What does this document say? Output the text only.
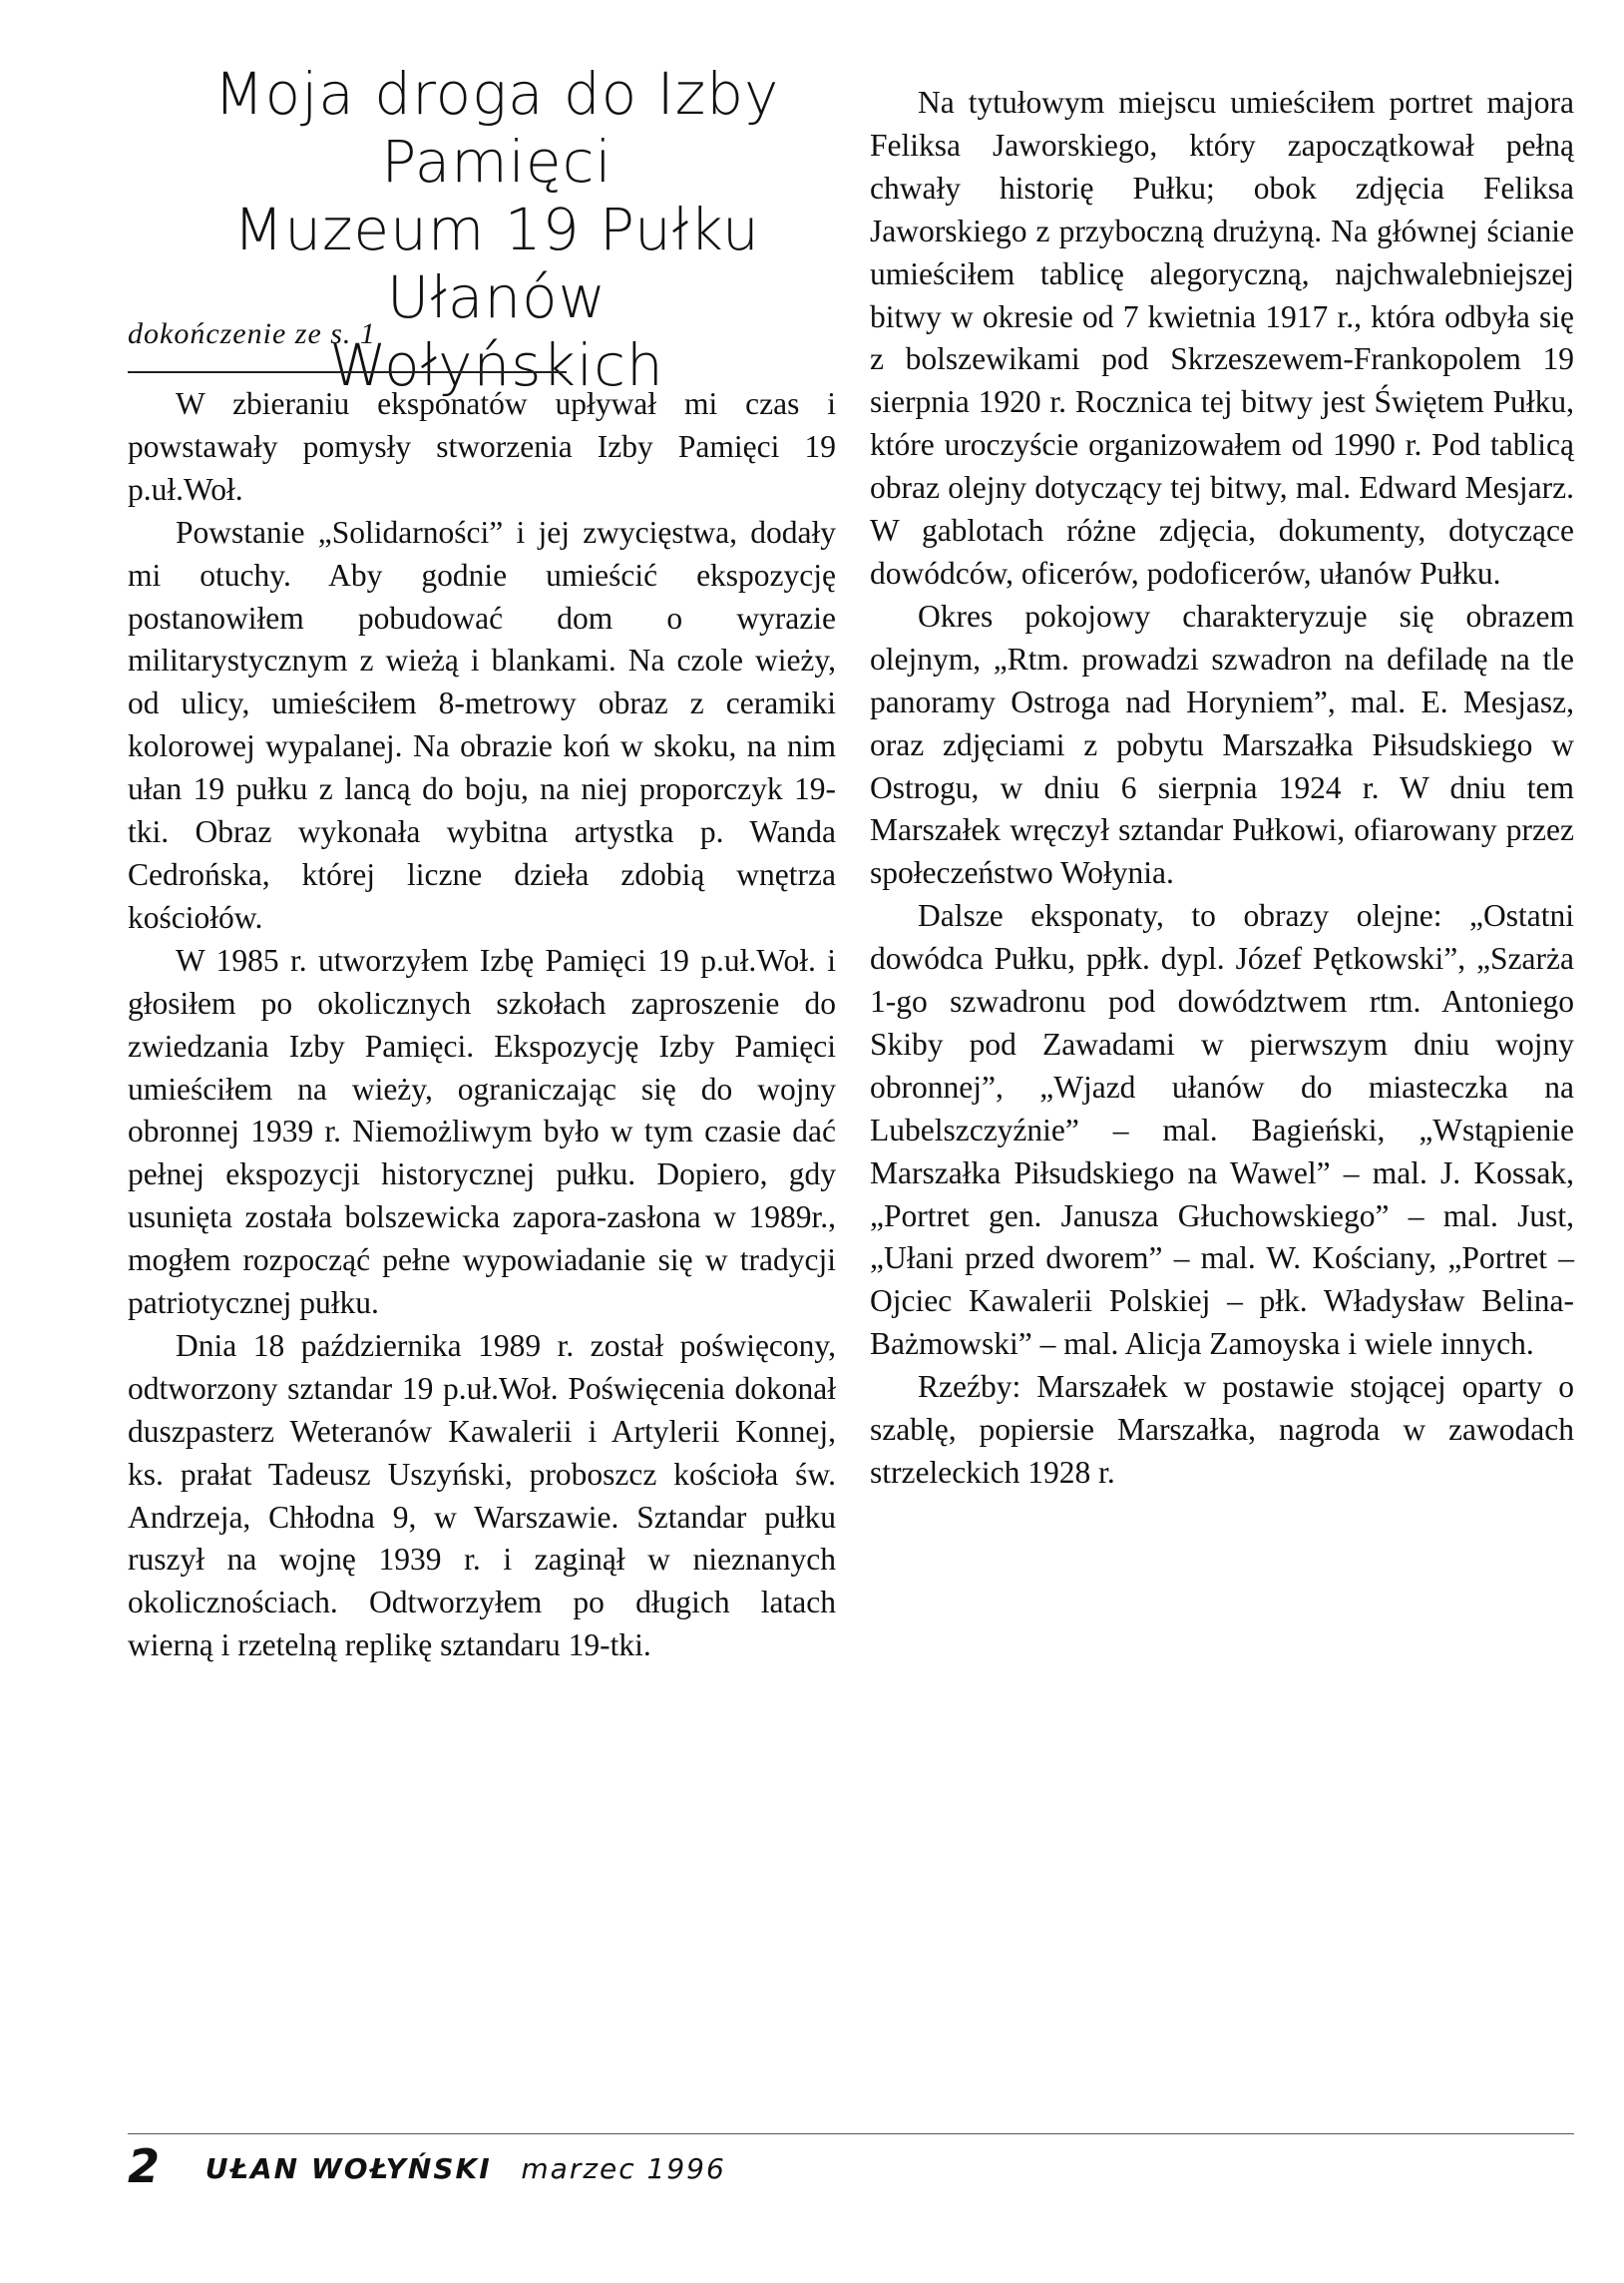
Moja droga do Izby Pamięci
Muzeum 19 Pułku Ułanów
Wołyńskich
dokończenie ze s. 1

W zbieraniu eksponatów upływał mi czas i powstawały pomysły stworzenia Izby Pamięci 19 p.uł.Woł.

Powstanie „Solidarności” i jej zwycięstwa, dodały mi otuchy. Aby godnie umieścić ekspozycję postanowiłem pobudować dom o wyrazie militarystycznym z wieżą i blankami. Na czole wieży, od ulicy, umieściłem 8-metrowy obraz z ceramiki kolorowej wypalanej. Na obrazie koń w skoku, na nim ułan 19 pułku z lancą do boju, na niej proporczyk 19-tki. Obraz wykonała wybitna artystka p. Wanda Cedrońska, której liczne dzieła zdobią wnętrza kościołów.

W 1985 r. utworzyłem Izbę Pamięci 19 p.uł.Woł. i głosiłem po okolicznych szkołach zaproszenie do zwiedzania Izby Pamięci. Ekspozycję Izby Pamięci umieściłem na wieży, ograniczając się do wojny obronnej 1939 r. Niemożliwym było w tym czasie dać pełnej ekspozycji historycznej pułku. Dopiero, gdy usunięta została bolszewicka zapora-zasłona w 1989r., mogłem rozpocząć pełne wypowiadanie się w tradycji patriotycznej pułku.

Dnia 18 października 1989 r. został poświęcony, odtworzony sztandar 19 p.uł.Woł. Poświęcenia dokonał duszpasterz Weteranów Kawalerii i Artylerii Konnej, ks. prałat Tadeusz Uszyński, proboszcz kościoła św. Andrzeja, Chłodna 9, w Warszawie. Sztandar pułku ruszył na wojnę 1939 r. i zaginął w nieznanych okolicznościach. Odtworzyłem po długich latach wierną i rzetelną replikę sztandaru 19-tki.

Na tytułowym miejscu umieściłem portret majora Feliksa Jaworskiego, który zapoczątkował pełną chwały historię Pułku; obok zdjęcia Feliksa Jaworskiego z przyboczną drużyną. Na głównej ścianie umieściłem tablicę alegoryczną, najchwalebniejszej bitwy w okresie od 7 kwietnia 1917 r., która odbyła się z bolszewikami pod Skrzeszewem-Frankopolem 19 sierpnia 1920 r. Rocznica tej bitwy jest Świętem Pułku, które uroczyście organizowałem od 1990 r. Pod tablicą obraz olejny dotyczący tej bitwy, mal. Edward Mesjarz. W gablotach różne zdjęcia, dokumenty, dotyczące dowódców, oficerów, podoficerów, ułanów Pułku.

Okres pokojowy charakteryzuje się obrazem olejnym, „Rtm. prowadzi szwadron na defiladę na tle panoramy Ostroga nad Horyniem”, mal. E. Mesjasz, oraz zdjęciami z pobytu Marszałka Piłsudskiego w Ostrogu, w dniu 6 sierpnia 1924 r. W dniu tem Marszałek wręczył sztandar Pułkowi, ofiarowany przez społeczeństwo Wołynia.

Dalsze eksponaty, to obrazy olejne: „Ostatni dowódca Pułku, ppłk. dypl. Józef Pętkowski”, „Szarża 1-go szwadronu pod dowództwem rtm. Antoniego Skiby pod Zawadami w pierwszym dniu wojny obronnej”, „Wjazd ułanów do miasteczka na Lubelszczyźnie” – mal. Bagieński, „Wstąpienie Marszałka Piłsudskiego na Wawel” – mal. J. Kossak, „Portret gen. Janusza Głuchowskiego” – mal. Just, „Ułani przed dworem” – mal. W. Kościany, „Portret – Ojciec Kawalerii Polskiej – płk. Władysław Belina-Bażmowski” – mal. Alicja Zamoyska i wiele innych.

Rzeźby: Marszałek w postawie stojącej oparty o szablę, popiersie Marszałka, nagroda w zawodach strzeleckich 1928 r.

2 UŁAN WOŁYŃSKI marzec 1996
